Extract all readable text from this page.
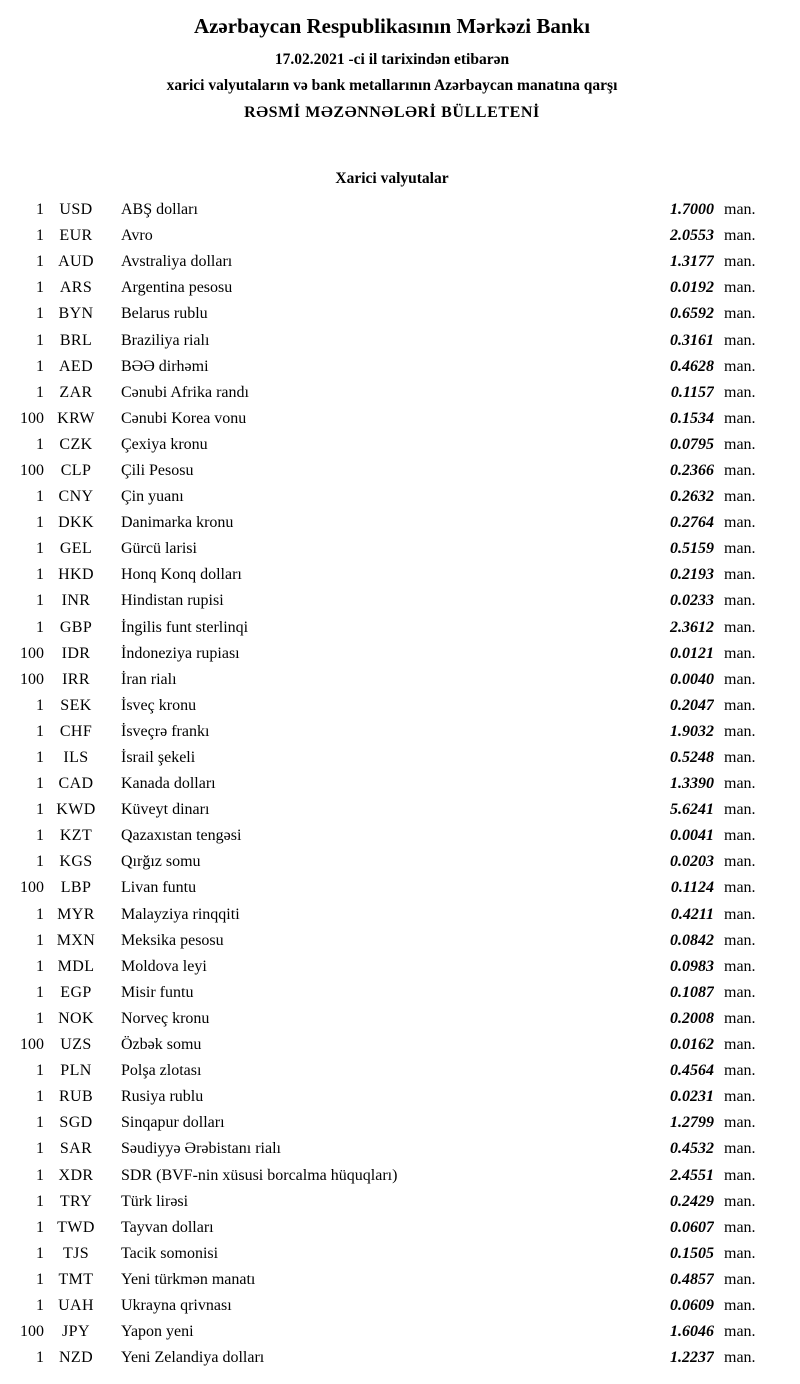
Azərbaycan Respublikasının Mərkəzi Bankı
17.02.2021 -ci il tarixindən etibarən
xarici valyutaların və bank metallarının Azərbaycan manatına qarşı
RƏSMİ MƏZƏNNƏLƏRİ BÜLLETENİ
Xarici valyutalar
1	USD	ABŞ dolları	1.7000	man.
1	EUR	Avro	2.0553	man.
1	AUD	Avstraliya dolları	1.3177	man.
1	ARS	Argentina pesosu	0.0192	man.
1	BYN	Belarus rublu	0.6592	man.
1	BRL	Braziliya rialı	0.3161	man.
1	AED	BƏƏ dirhəmi	0.4628	man.
1	ZAR	Cənubi Afrika randı	0.1157	man.
100	KRW	Cənubi Korea vonu	0.1534	man.
1	CZK	Çexiya kronu	0.0795	man.
100	CLP	Çili Pesosu	0.2366	man.
1	CNY	Çin yuanı	0.2632	man.
1	DKK	Danimarka kronu	0.2764	man.
1	GEL	Gürcü larisi	0.5159	man.
1	HKD	Honq Konq dolları	0.2193	man.
1	INR	Hindistan rupisi	0.0233	man.
1	GBP	İngilis funt sterlinqi	2.3612	man.
100	IDR	İndoneziya rupiası	0.0121	man.
100	IRR	İran rialı	0.0040	man.
1	SEK	İsveç kronu	0.2047	man.
1	CHF	İsveçrə frankı	1.9032	man.
1	ILS	İsrail şekeli	0.5248	man.
1	CAD	Kanada dolları	1.3390	man.
1	KWD	Küveyt dinarı	5.6241	man.
1	KZT	Qazaxıstan tengəsi	0.0041	man.
1	KGS	Qırğız somu	0.0203	man.
100	LBP	Livan funtu	0.1124	man.
1	MYR	Malayziya rinqqiti	0.4211	man.
1	MXN	Meksika pesosu	0.0842	man.
1	MDL	Moldova leyi	0.0983	man.
1	EGP	Misir funtu	0.1087	man.
1	NOK	Norveç kronu	0.2008	man.
100	UZS	Özbək somu	0.0162	man.
1	PLN	Polşa zlotası	0.4564	man.
1	RUB	Rusiya rublu	0.0231	man.
1	SGD	Sinqapur dolları	1.2799	man.
1	SAR	Səudiyyə Ərəbistanı rialı	0.4532	man.
1	XDR	SDR (BVF-nin xüsusi borcalma hüquqları)	2.4551	man.
1	TRY	Türk lirəsi	0.2429	man.
1	TWD	Tayvan dolları	0.0607	man.
1	TJS	Tacik somonisi	0.1505	man.
1	TMT	Yeni türkmən manatı	0.4857	man.
1	UAH	Ukrayna qrivnası	0.0609	man.
100	JPY	Yapon yeni	1.6046	man.
1	NZD	Yeni Zelandiya dolları	1.2237	man.
